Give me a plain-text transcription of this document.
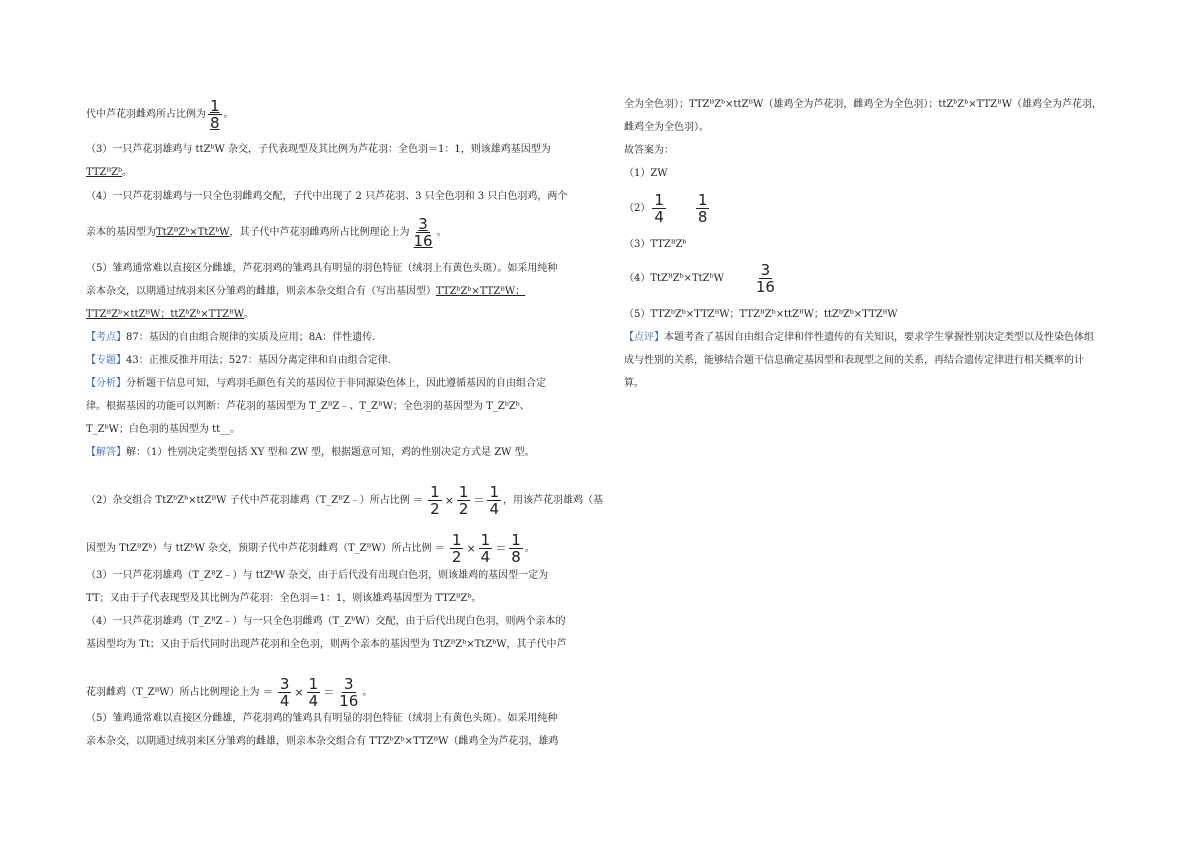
代中芦花羽雌鸡所占比例为 $\frac{1}{8}$ 。
（3）一只芦花羽雄鸡与 ttZᵇW 杂交，子代表现型及其比例为芦花羽：全色羽＝1：1，则该雄鸡基因型为
TTZᴮZᵇ。
（4）一只芦花羽雄鸡与一只全色羽雌鸡交配，子代中出现了 2 只芦花羽、3 只全色羽和 3 只白色羽鸡，两个
亲本的基因型为TtZᴮZᵇ×TtZᵇW，其子代中芦花羽雌鸡所占比例理论上为 $\frac{3}{16}$ 。
（5）雏鸡通常难以直接区分雌雄，芦花羽鸡的雏鸡具有明显的羽色特征（绒羽上有黄色头斑）。如采用纯种
亲本杂交，以期通过绒羽来区分雏鸡的雌雄，则亲本杂交组合有（写出基因型）TTZᵇZᵇ×TTZᴮW；
TTZᴮZᵇ×ttZᴮW；ttZᵇZᵇ×TTZᴮW。
【考点】87：基因的自由组合规律的实质及应用；8A：伴性遗传.
【专题】43：正推反推并用法；527：基因分离定律和自由组合定律.
【分析】分析题干信息可知，与鸡羽毛颜色有关的基因位于非同源染色体上，因此遵循基因的自由组合定
律。根据基因的功能可以判断：芦花羽的基因型为 T_ZᴮZ﹣、T_ZᴮW；全色羽的基因型为 T_ZᵇZᵇ、
T_ZᵇW；白色羽的基因型为 tt__。
【解答】解：（1）性别决定类型包括 XY 型和 ZW 型，根据题意可知，鸡的性别决定方式是 ZW 型。
（2）杂交组合 TtZᵇZᵇ×ttZᴮW 子代中芦花羽雄鸡（T_ZᴮZ﹣）所占比例 ＝ $\frac{1}{2} \times \frac{1}{2} = \frac{1}{4}$ ，用该芦花羽雄鸡（基
因型为 TtZᴮZᵇ）与 ttZᵇW 杂交，预期子代中芦花羽雌鸡（T_ZᴮW）所占比例 ＝ $\frac{1}{2} \times \frac{1}{4} = \frac{1}{8}$ 。
（3）一只芦花羽雄鸡（T_ZᴮZ﹣）与 ttZᵇW 杂交，由于后代没有出现白色羽，则该雄鸡的基因型一定为
TT；又由于子代表现型及其比例为芦花羽：全色羽＝1：1，则该雄鸡基因型为 TTZᴮZᵇ。
（4）一只芦花羽雄鸡（T_ZᴮZ﹣）与一只全色羽雌鸡（T_ZᵇW）交配，由于后代出现白色羽，则两个亲本的
基因型均为 Tt；又由于后代同时出现芦花羽和全色羽，则两个亲本的基因型为 TtZᴮZᵇ×TtZᵇW，其子代中芦
花羽雌鸡（T_ZᴮW）所占比例理论上为 ＝ $\frac{3}{4} \times \frac{1}{4} = \frac{3}{16}$ 。
（5）雏鸡通常难以直接区分雌雄，芦花羽鸡的雏鸡具有明显的羽色特征（绒羽上有黄色头斑）。如采用纯种
亲本杂交，以期通过绒羽来区分雏鸡的雌雄，则亲本杂交组合有 TTZᵇZᵇ×TTZᴮW（雌鸡全为芦花羽，雄鸡
全为全色羽）；TTZᴮZᵇ×ttZᴮW（雄鸡全为芦花羽，雌鸡全为全色羽）；ttZᵇZᵇ×TTZᴮW（雄鸡全为芦花羽，
雌鸡全为全色羽）。
故答案为：
（1）ZW
$(2) \frac{1}{4} \frac{1}{8}$
（3）TTZᴮZᵇ
（4）TtZᴮZᵇ×TtZᵇW $\frac{3}{16}$
（5）TTZᵇZᵇ×TTZᴮW；TTZᴮZᵇ×ttZᴮW；ttZᵇZᵇ×TTZᴮW
【点评】本题考查了基因自由组合定律和伴性遗传的有关知识，要求学生掌握性别决定类型以及性染色体组
成与性别的关系，能够结合题干信息确定基因型和表现型之间的关系，再结合遗传定律进行相关概率的计
算。
